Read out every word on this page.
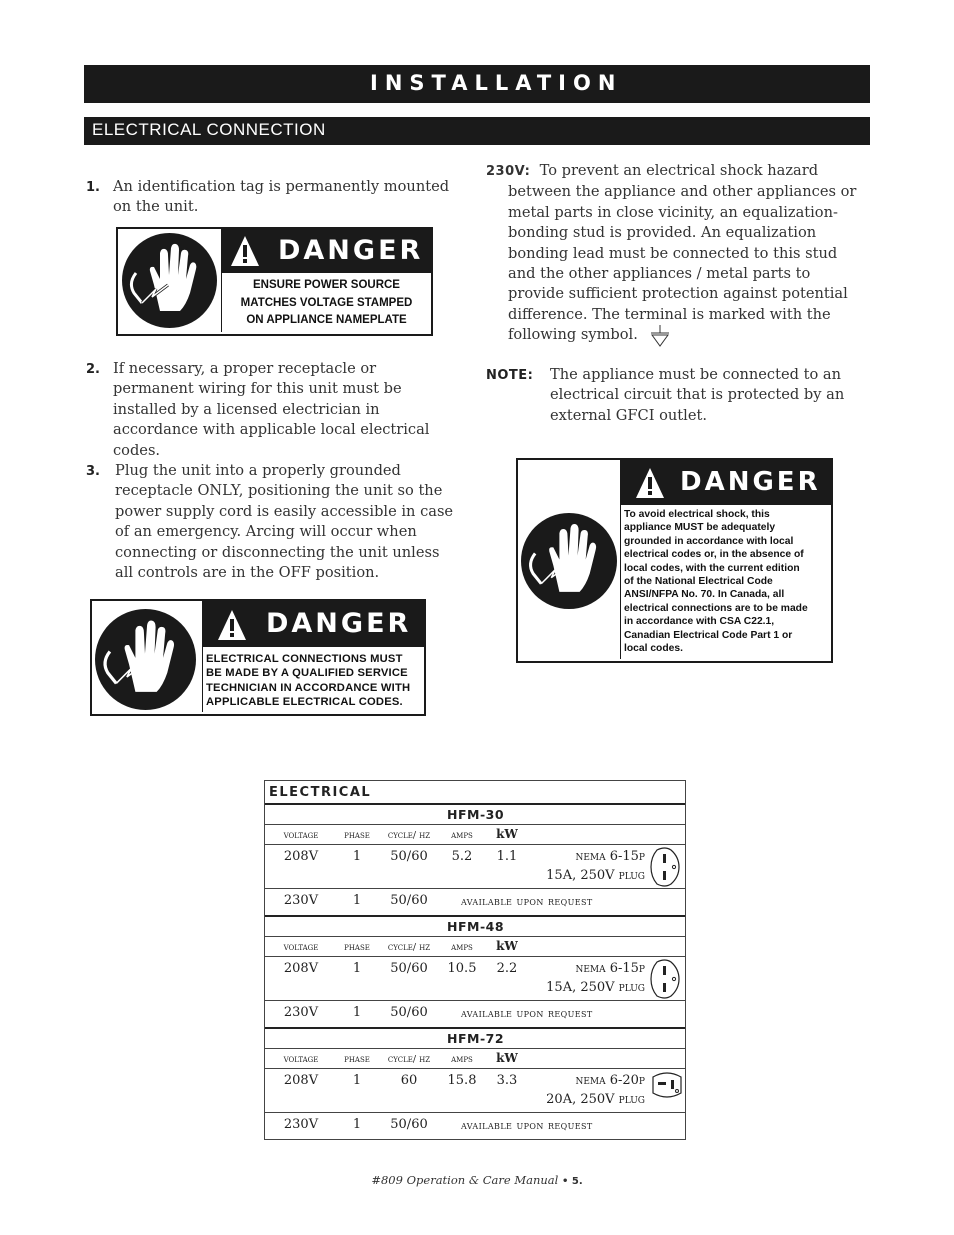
INSTALLATION
ELECTRICAL CONNECTION
1. An identification tag is permanently mounted on the unit.
DANGER
ENSURE POWER SOURCE
MATCHES VOLTAGE STAMPED
ON APPLIANCE NAMEPLATE
2. If necessary, a proper receptacle or permanent wiring for this unit must be installed by a licensed electrician in accordance with applicable local electrical codes.
3. Plug the unit into a properly grounded receptacle ONLY, positioning the unit so the power supply cord is easily accessible in case of an emergency. Arcing will occur when connecting or disconnecting the unit unless all controls are in the OFF position.
DANGER
ELECTRICAL CONNECTIONS MUST
BE MADE BY A QUALIFIED SERVICE
TECHNICIAN IN ACCORDANCE WITH
APPLICABLE ELECTRICAL CODES.
230V: To prevent an electrical shock hazard between the appliance and other appliances or metal parts in close vicinity, an equalization-bonding stud is provided. An equalization bonding lead must be connected to this stud and the other appliances / metal parts to provide sufficient protection against potential difference. The terminal is marked with the following symbol.
NOTE: The appliance must be connected to an electrical circuit that is protected by an external GFCI outlet.
DANGER
To avoid electrical shock, this
appliance MUST be adequately
grounded in accordance with local
electrical codes or, in the absence of
local codes, with the current edition
of the National Electrical Code
ANSI/NFPA No. 70. In Canada, all
electrical connections are to be made
in accordance with CSA C22.1,
Canadian Electrical Code Part 1 or
local codes.
ELECTRICAL
HFM-30
voltage	phase	cycle/ hz	amps	kW
208V	1	50/60	5.2	1.1	nema 6-15p
15A, 250V plug
230V	1	50/60	available upon request
HFM-48
voltage	phase	cycle/ hz	amps	kW
208V	1	50/60	10.5	2.2	nema 6-15p
15A, 250V plug
230V	1	50/60	available upon request
HFM-72
voltage	phase	cycle/ hz	amps	kW
208V	1	60	15.8	3.3	nema 6-20p
20A, 250V plug
230V	1	50/60	available upon request
#809 Operation & Care Manual • 5.
